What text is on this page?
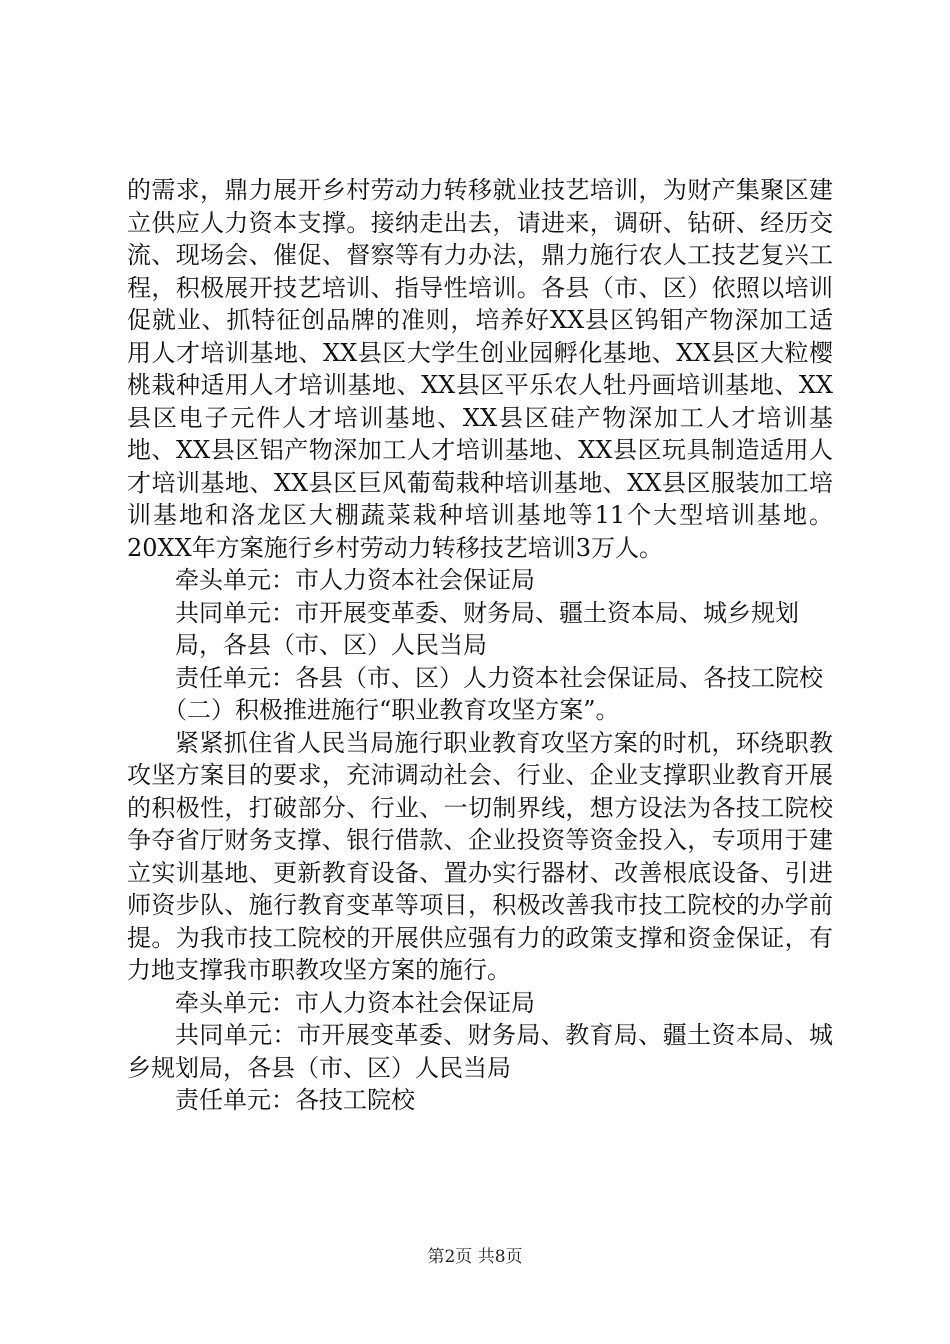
的需求，鼎力展开乡村劳动力转移就业技艺培训，为财产集聚区建立供应人力资本支撑。接纳走出去，请进来，调研、钻研、经历交流、现场会、催促、督察等有力办法，鼎力施行农人工技艺复兴工程，积极展开技艺培训、指导性培训。各县（市、区）依照以培训促就业、抓特征创品牌的准则，培养好XX县区钨钼产物深加工适用人才培训基地、XX县区大学生创业园孵化基地、XX县区大粒樱桃栽种适用人才培训基地、XX县区平乐农人牡丹画培训基地、XX县区电子元件人才培训基地、XX县区硅产物深加工人才培训基地、XX县区铝产物深加工人才培训基地、XX县区玩具制造适用人才培训基地、XX县区巨风葡萄栽种培训基地、XX县区服装加工培训基地和洛龙区大棚蔬菜栽种培训基地等11个大型培训基地。20XX年方案施行乡村劳动力转移技艺培训3万人。

牵头单元：市人力资本社会保证局

共同单元：市开展变革委、财务局、疆土资本局、城乡规划

局，各县（市、区）人民当局

责任单元：各县（市、区）人力资本社会保证局、各技工院校

（二）积极推进施行“职业教育攻坚方案”。

紧紧抓住省人民当局施行职业教育攻坚方案的时机，环绕职教攻坚方案目的要求，充沛调动社会、行业、企业支撑职业教育开展的积极性，打破部分、行业、一切制界线，想方设法为各技工院校争夺省厅财务支撑、银行借款、企业投资等资金投入，专项用于建立实训基地、更新教育设备、置办实行器材、改善根底设备、引进师资步队、施行教育变革等项目，积极改善我市技工院校的办学前提。为我市技工院校的开展供应强有力的政策支撑和资金保证，有力地支撑我市职教攻坚方案的施行。

牵头单元：市人力资本社会保证局

共同单元：市开展变革委、财务局、教育局、疆土资本局、城乡规划局，各县（市、区）人民当局

责任单元：各技工院校

第2页 共8页
